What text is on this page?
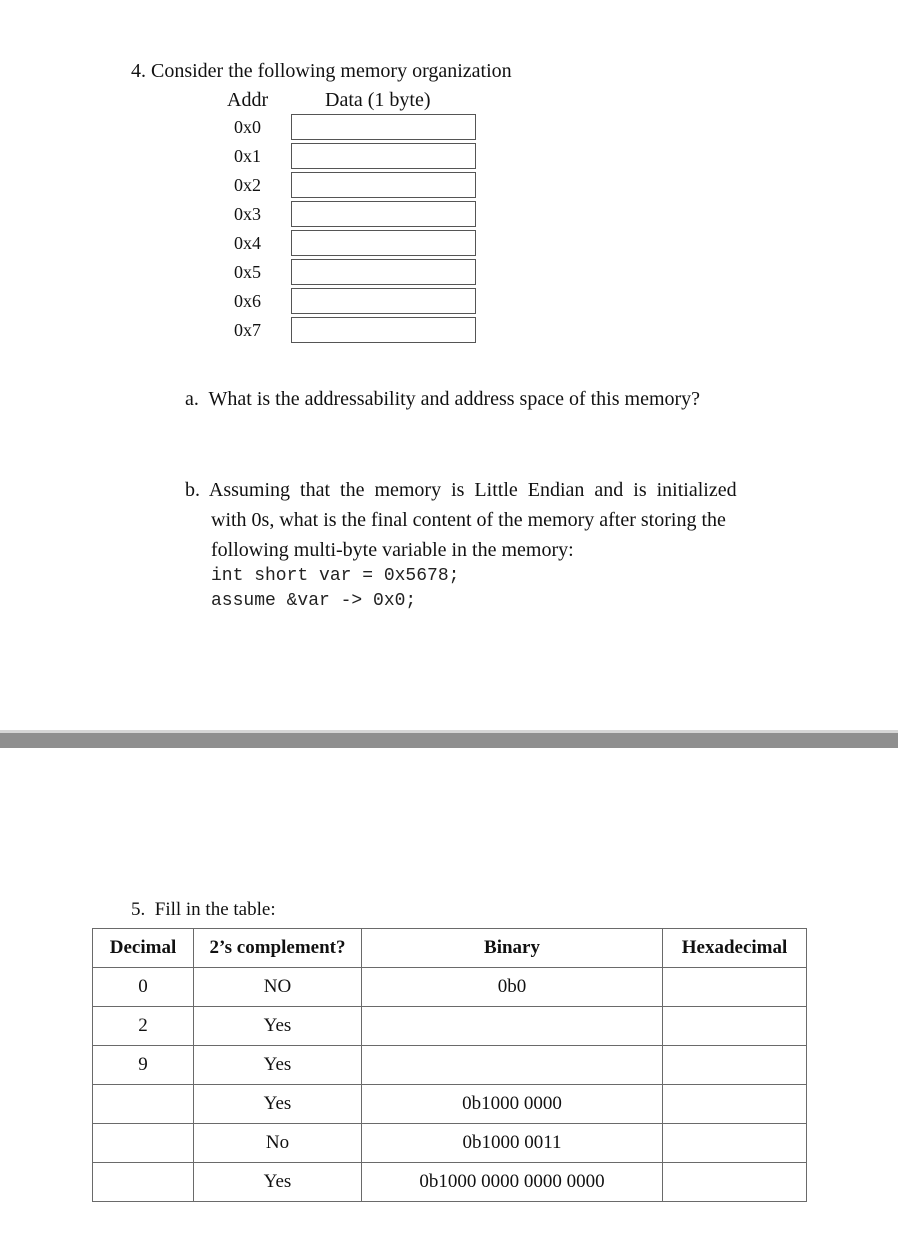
4. Consider the following memory organization
Addr	Data (1 byte)
0x0
0x1
0x2
0x3
0x4
0x5
0x6
0x7
a.  What is the addressability and address space of this memory?
b.  Assuming  that  the  memory  is  Little  Endian  and  is  initialized
with 0s, what is the final content of the memory after storing the
following multi-byte variable in the memory:
int short var = 0x5678;
assume &var -> 0x0;
5.  Fill in the table:
Decimal	2’s complement?	Binary	Hexadecimal
0	NO	0b0	
2	Yes		
9	Yes		
	Yes	0b1000 0000	
	No	0b1000 0011	
	Yes	0b1000 0000 0000 0000	
